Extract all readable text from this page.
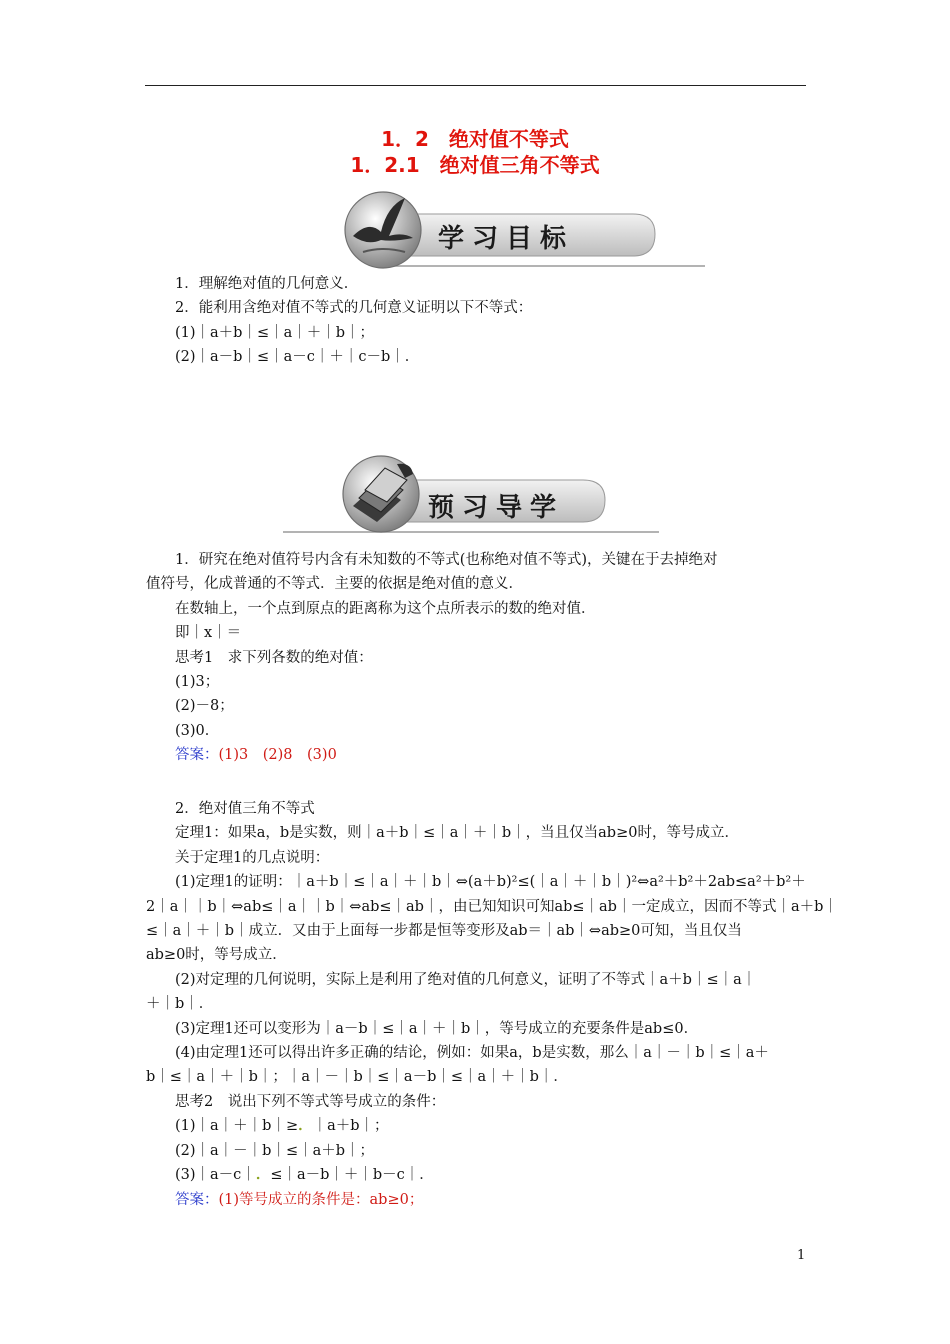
1．2　绝对值不等式
1．2.1　绝对值三角不等式
学习目标

1．理解绝对值的几何意义．

2．能利用含绝对值不等式的几何意义证明以下不等式：

(1)｜a＋b｜≤｜a｜＋｜b｜；

(2)｜a－b｜≤｜a－c｜＋｜c－b｜．

预习导学

1．研究在绝对值符号内含有未知数的不等式(也称绝对值不等式)，关键在于去掉绝对

值符号，化成普通的不等式．主要的依据是绝对值的意义．

在数轴上，一个点到原点的距离称为这个点所表示的数的绝对值．

即｜x｜＝

思考1　求下列各数的绝对值：

(1)3；

(2)－8；

(3)0．

答案：(1)3　(2)8　(3)0

2．绝对值三角不等式

定理1：如果a，b是实数，则｜a＋b｜≤｜a｜＋｜b｜，当且仅当ab≥0时，等号成立．

关于定理1的几点说明：

(1)定理1的证明：｜a＋b｜≤｜a｜＋｜b｜⇔(a＋b)²≤(｜a｜＋｜b｜)²⇔a²＋b²＋2ab≤a²＋b²＋

2｜a｜｜b｜⇔ab≤｜a｜｜b｜⇔ab≤｜ab｜，由已知知识可知ab≤｜ab｜一定成立，因而不等式｜a＋b｜

≤｜a｜＋｜b｜成立．又由于上面每一步都是恒等变形及ab＝｜ab｜⇔ab≥0可知，当且仅当

ab≥0时，等号成立．

(2)对定理的几何说明，实际上是利用了绝对值的几何意义，证明了不等式｜a＋b｜≤｜a｜

＋｜b｜．

(3)定理1还可以变形为｜a－b｜≤｜a｜＋｜b｜，等号成立的充要条件是ab≤0．

(4)由定理1还可以得出许多正确的结论，例如：如果a，b是实数，那么｜a｜－｜b｜≤｜a＋

b｜≤｜a｜＋｜b｜；｜a｜－｜b｜≤｜a－b｜≤｜a｜＋｜b｜．

思考2　说出下列不等式等号成立的条件：

(1)｜a｜＋｜b｜≥．｜a＋b｜；

(2)｜a｜－｜b｜≤｜a＋b｜；

(3)｜a－c｜．≤｜a－b｜＋｜b－c｜．

答案：(1)等号成立的条件是：ab≥0；

1
